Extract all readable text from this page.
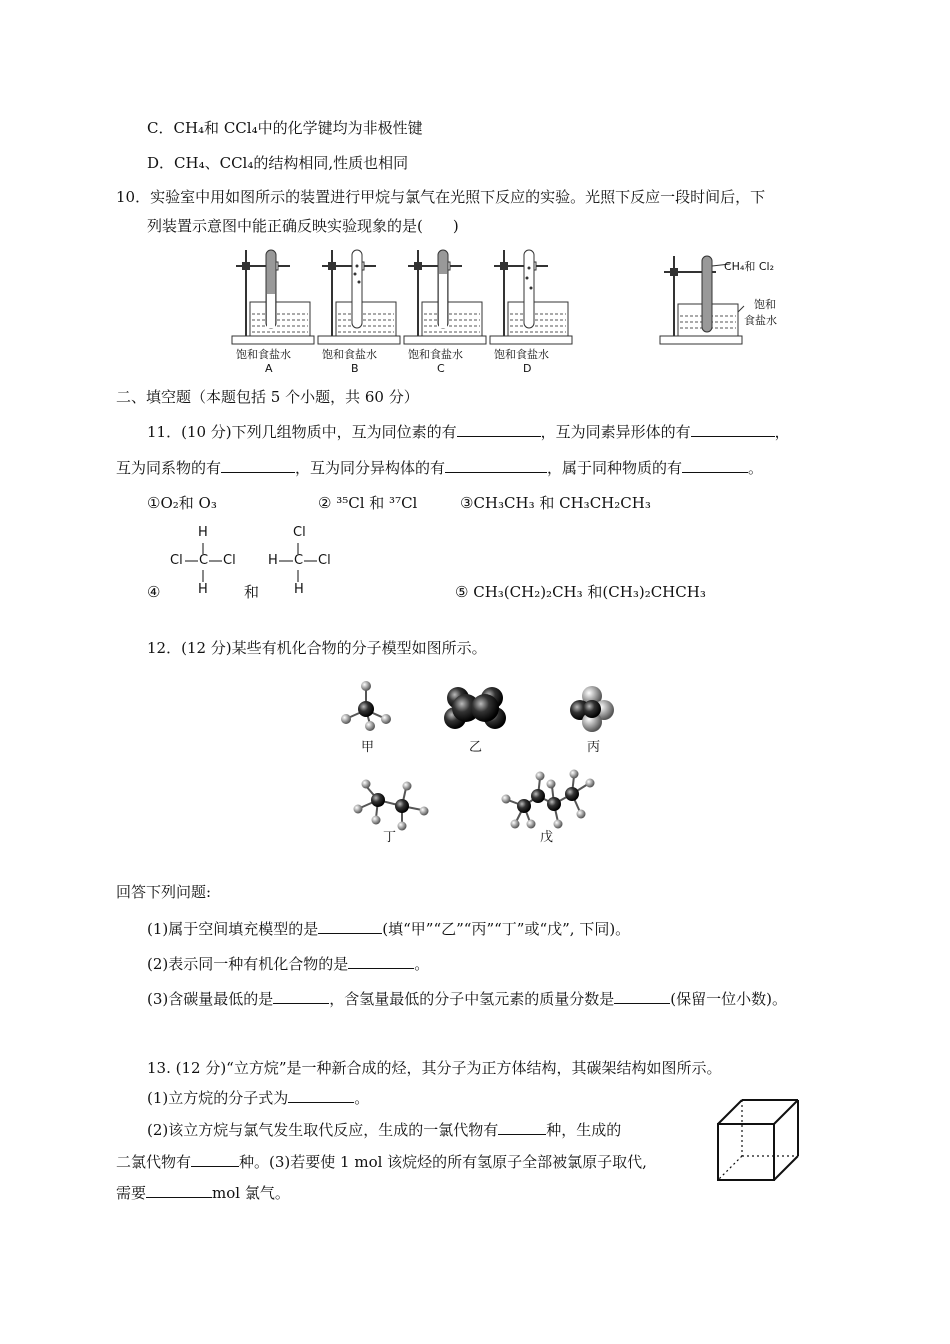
C．CH₄和 CCl₄中的化学键均为非极性键
D．CH₄、CCl₄的结构相同,性质也相同
10．实验室中用如图所示的装置进行甲烷与氯气在光照下反应的实验。光照下反应一段时间后，下
列装置示意图中能正确反映实验现象的是(　　)
CH₄和 Cl₂
饱和
食盐水
饱和食盐水	饱和食盐水	饱和食盐水	饱和食盐水
A	B	C	D
二、填空题（本题包括 5 个小题，共 60 分）
11．(10 分)下列几组物质中，互为同位素的有	，互为同素异形体的有	，
互为同系物的有	，互为同分异构体的有	，属于同种物质的有	。
①O₂和 O₃	② ³⁵Cl 和 ³⁷Cl	③CH₃CH₃ 和 CH₃CH₂CH₃
H
Cl C Cl
H
Cl
H C Cl
H
④	和	⑤ CH₃(CH₂)₂CH₃ 和(CH₃)₂CHCH₃
12．(12 分)某些有机化合物的分子模型如图所示。
甲	乙	丙
丁	戊
回答下列问题:
(1)属于空间填充模型的是	(填“甲”“乙”“丙”“丁”或“戊”, 下同)。
(2)表示同一种有机化合物的是	。
(3)含碳量最低的是	，含氢量最低的分子中氢元素的质量分数是	(保留一位小数)。
13. (12 分)“立方烷”是一种新合成的烃，其分子为正方体结构，其碳架结构如图所示。
(1)立方烷的分子式为	。
(2)该立方烷与氯气发生取代反应，生成的一氯代物有	种，生成的
二氯代物有	种。(3)若要使 1 mol 该烷烃的所有氢原子全部被氯原子取代,
需要	mol 氯气。
